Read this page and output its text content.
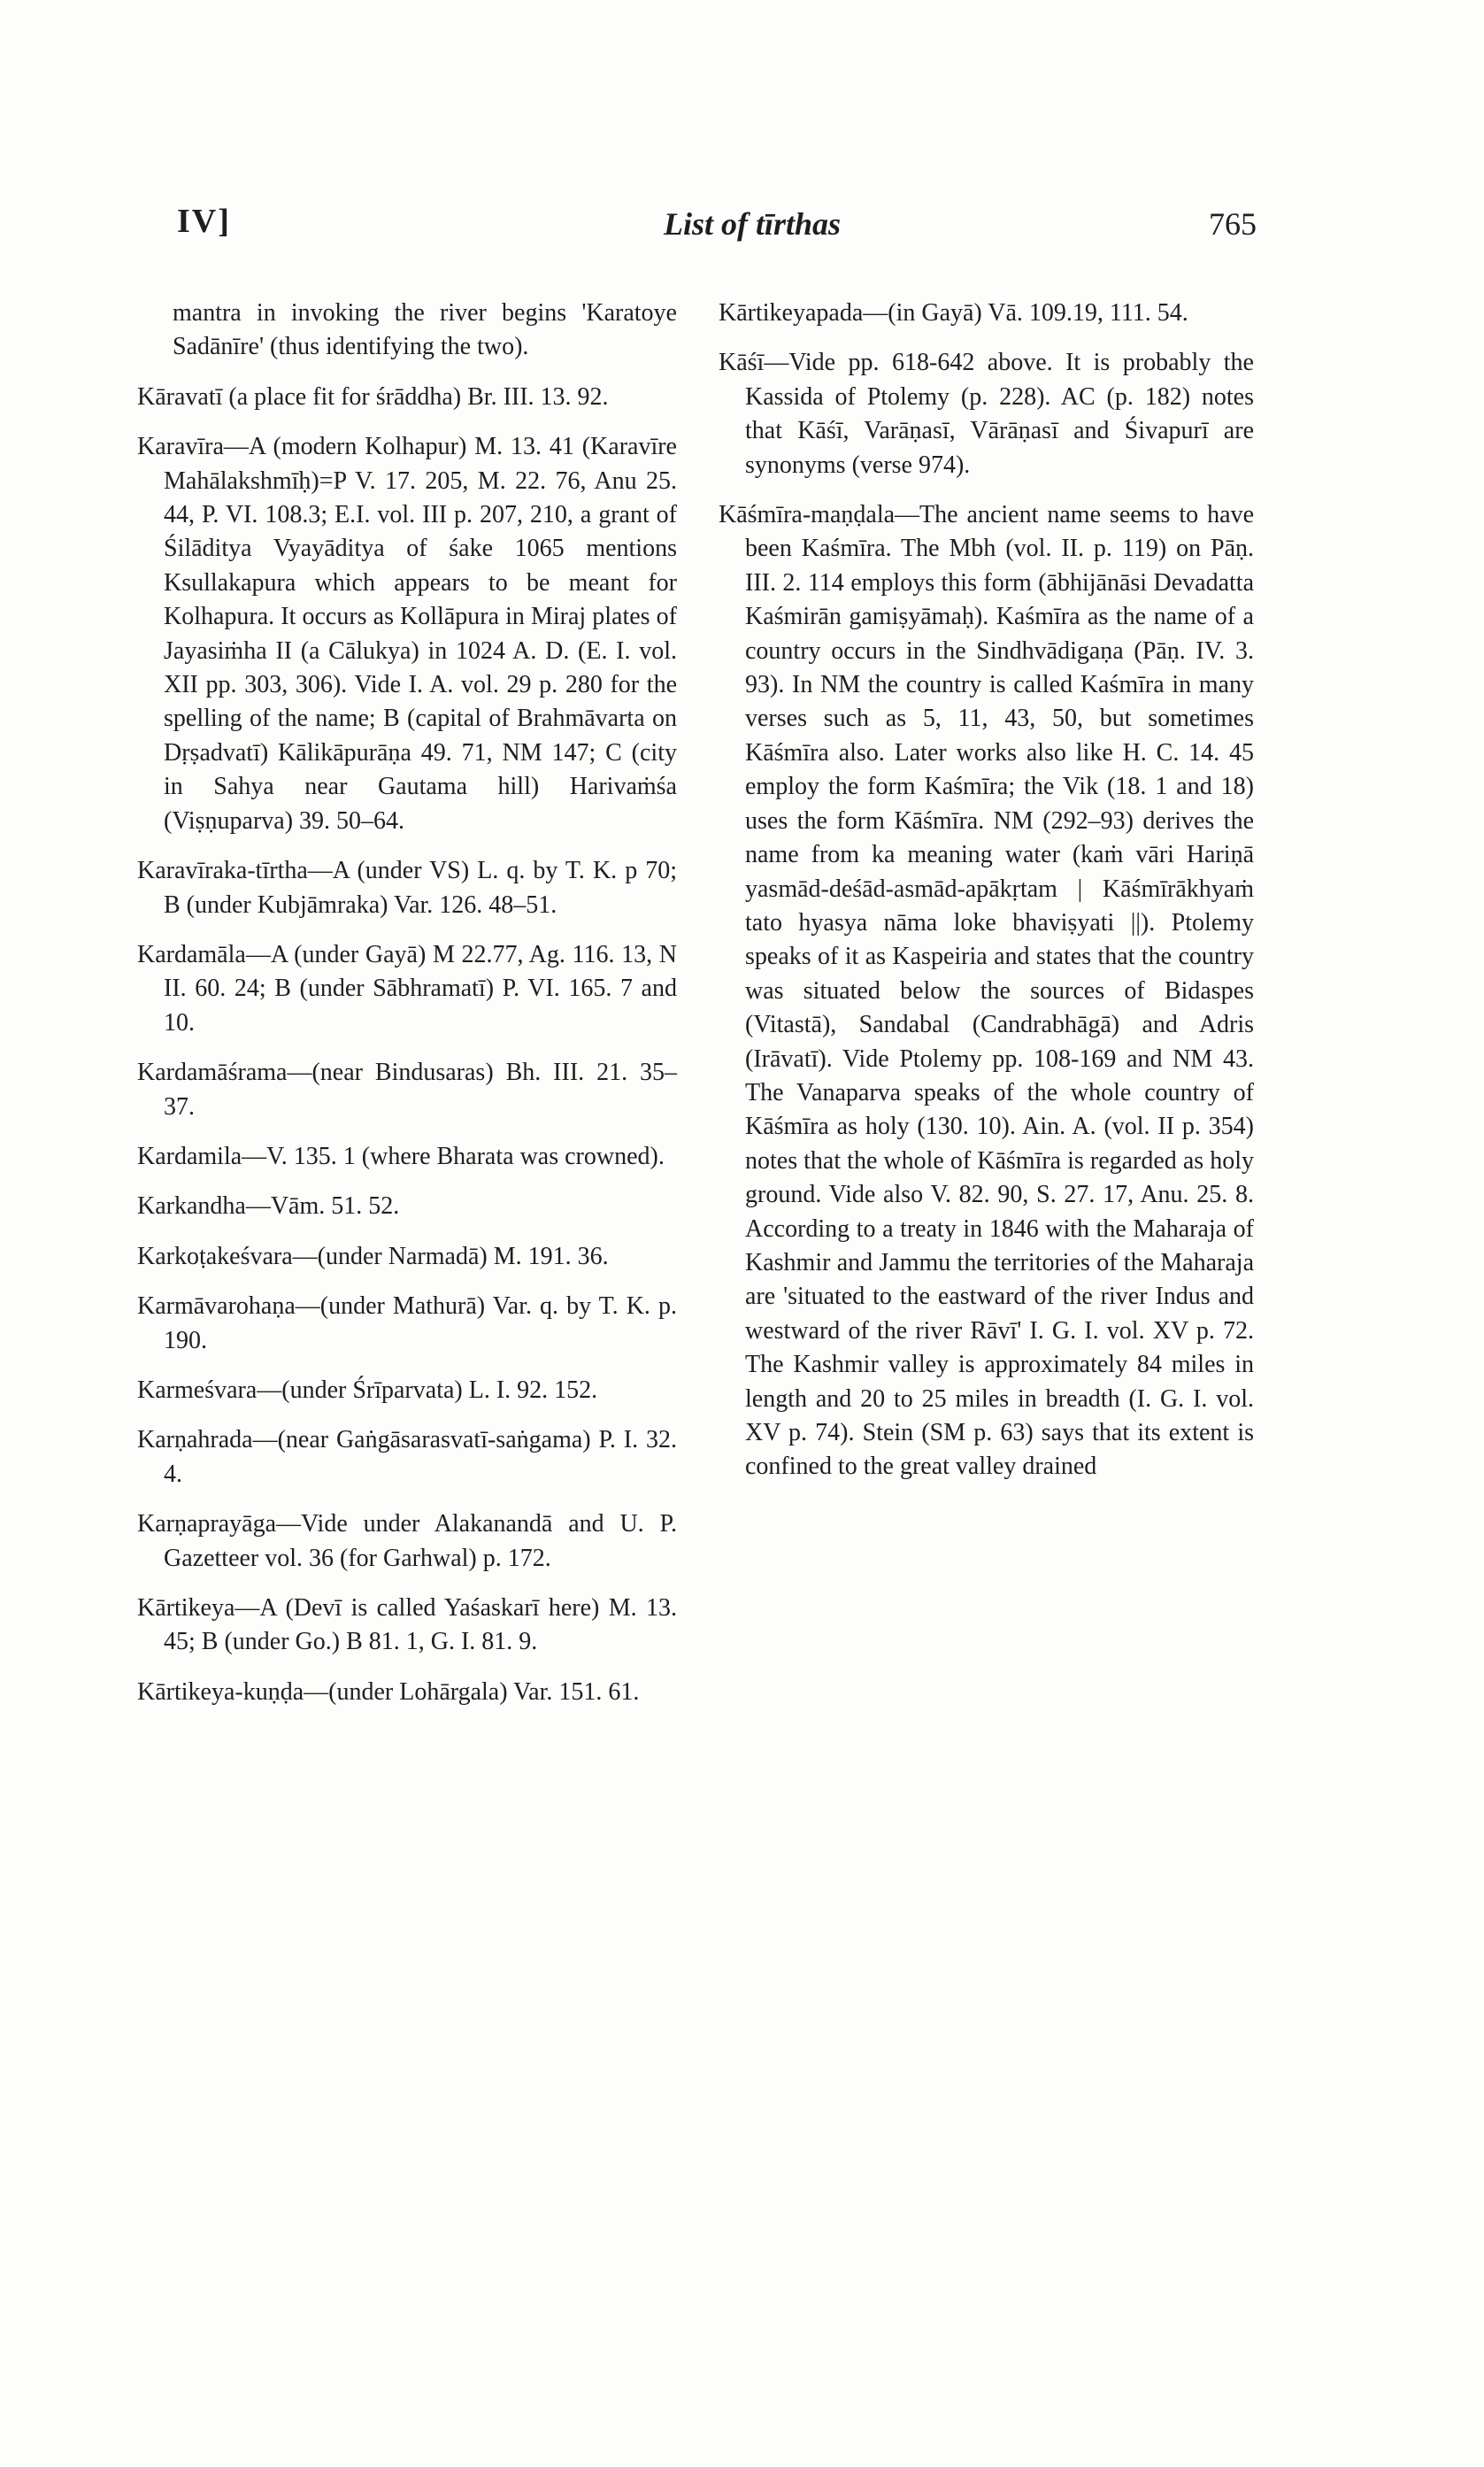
IV]	List of tīrthas	765

mantra in invoking the river begins 'Karatoye Sadānīre' (thus identifying the two).

Kāravatī (a place fit for śrāddha) Br. III. 13. 92.

Karavīra—A (modern Kolhapur) M. 13. 41 (Karavīre Mahālakshmīḥ)=P V. 17. 205, M. 22. 76, Anu 25. 44, P. VI. 108.3; E.I. vol. III p. 207, 210, a grant of Śilāditya Vyayāditya of śake 1065 mentions Ksullakapura which appears to be meant for Kolhapura. It occurs as Kollāpura in Miraj plates of Jayasiṁha II (a Cālukya) in 1024 A. D. (E. I. vol. XII pp. 303, 306). Vide I. A. vol. 29 p. 280 for the spelling of the name; B (capital of Brahmāvarta on Dṛṣadvatī) Kālikāpurāṇa 49. 71, NM 147; C (city in Sahya near Gautama hill) Harivaṁśa (Viṣṇuparva) 39. 50–64.

Karavīraka-tīrtha—A (under VS) L. q. by T. K. p 70; B (under Kubjāmraka) Var. 126. 48–51.

Kardamāla—A (under Gayā) M 22.77, Ag. 116. 13, N II. 60. 24; B (under Sābhramatī) P. VI. 165. 7 and 10.

Kardamāśrama—(near Bindusaras) Bh. III. 21. 35–37.

Kardamila—V. 135. 1 (where Bharata was crowned).

Karkandha—Vām. 51. 52.

Karkoṭakeśvara—(under Narmadā) M. 191. 36.

Karmāvarohaṇa—(under Mathurā) Var. q. by T. K. p. 190.

Karmeśvara—(under Śrīparvata) L. I. 92. 152.

Karṇahrada—(near Gaṅgāsarasvatī-saṅgama) P. I. 32. 4.

Karṇaprayāga—Vide under Alakanandā and U. P. Gazetteer vol. 36 (for Garhwal) p. 172.

Kārtikeya—A (Devī is called Yaśaskarī here) M. 13. 45; B (under Go.) B 81. 1, G. I. 81. 9.

Kārtikeya-kuṇḍa—(under Lohārgala) Var. 151. 61.

Kārtikeyapada—(in Gayā) Vā. 109.19, 111. 54.

Kāśī—Vide pp. 618-642 above. It is probably the Kassida of Ptolemy (p. 228). AC (p. 182) notes that Kāśī, Varāṇasī, Vārāṇasī and Śivapurī are synonyms (verse 974).

Kāśmīra-maṇḍala—The ancient name seems to have been Kaśmīra. The Mbh (vol. II. p. 119) on Pāṇ. III. 2. 114 employs this form (ābhijānāsi Devadatta Kaśmirān gamiṣyāmaḥ). Kaśmīra as the name of a country occurs in the Sindhvādigaṇa (Pāṇ. IV. 3. 93). In NM the country is called Kaśmīra in many verses such as 5, 11, 43, 50, but sometimes Kāśmīra also. Later works also like H. C. 14. 45 employ the form Kaśmīra; the Vik (18. 1 and 18) uses the form Kāśmīra. NM (292–93) derives the name from ka meaning water (kaṁ vāri Hariṇā yasmād-deśād-asmād-apākṛtam | Kāśmīrākhyaṁ tato hyasya nāma loke bhaviṣyati ||). Ptolemy speaks of it as Kaspeiria and states that the country was situated below the sources of Bidaspes (Vitastā), Sandabal (Candrabhāgā) and Adris (Irāvatī). Vide Ptolemy pp. 108-169 and NM 43. The Vanaparva speaks of the whole country of Kāśmīra as holy (130. 10). Ain. A. (vol. II p. 354) notes that the whole of Kāśmīra is regarded as holy ground. Vide also V. 82. 90, S. 27. 17, Anu. 25. 8. According to a treaty in 1846 with the Maharaja of Kashmir and Jammu the territories of the Maharaja are 'situated to the eastward of the river Indus and westward of the river Rāvī' I. G. I. vol. XV p. 72. The Kashmir valley is approximately 84 miles in length and 20 to 25 miles in breadth (I. G. I. vol. XV p. 74). Stein (SM p. 63) says that its extent is confined to the great valley drained
